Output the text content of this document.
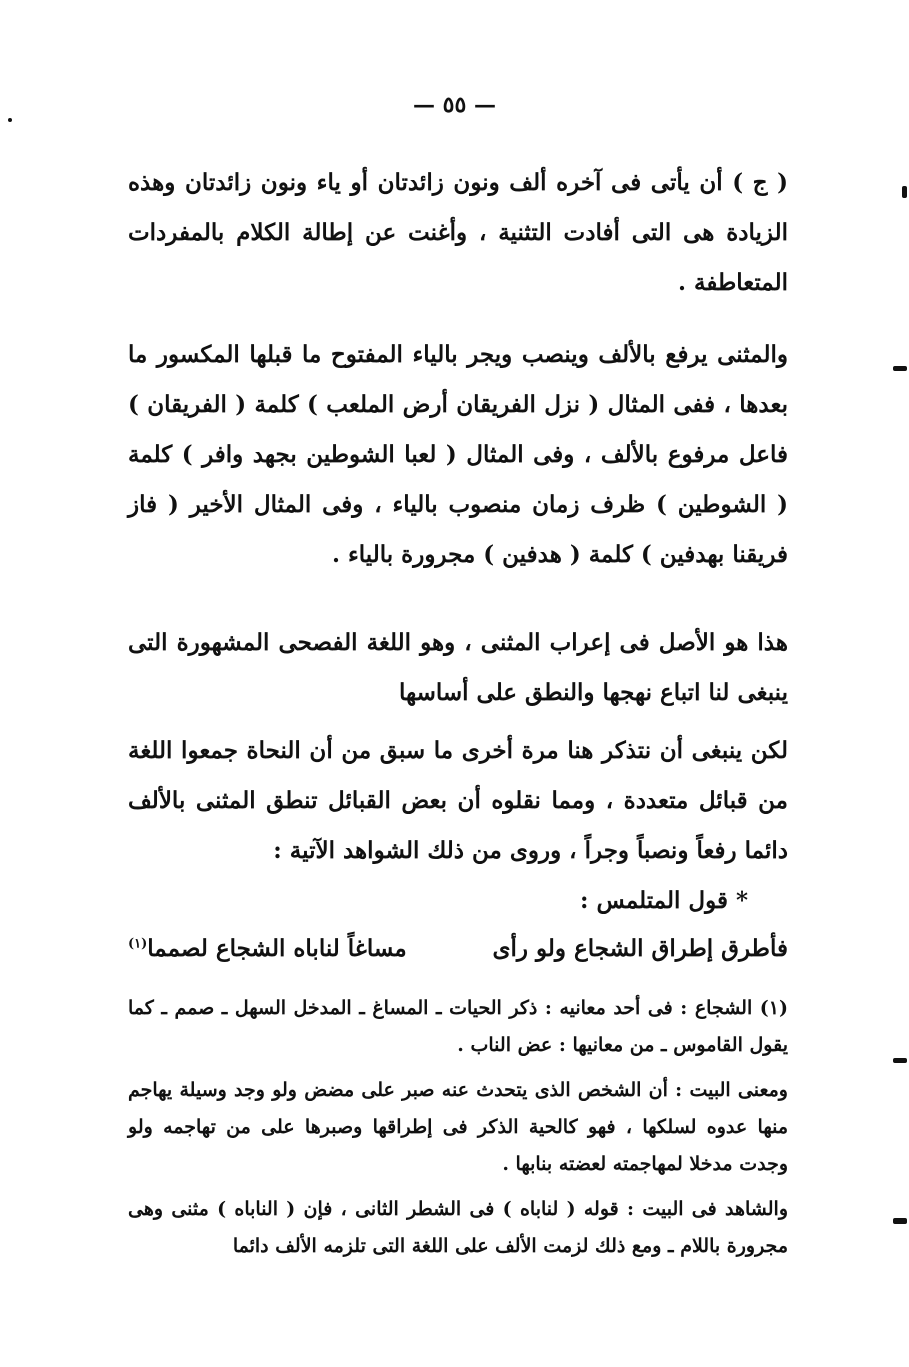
— ٥٥ —

( ج ) أن يأتى فى آخره ألف ونون زائدتان أو ياء ونون زائدتان وهذه الزيادة هى التى أفادت التثنية ، وأغنت عن إطالة الكلام بالمفردات المتعاطفة .

والمثنى يرفع بالألف وينصب ويجر بالياء المفتوح ما قبلها المكسور ما بعدها ، ففى المثال ( نزل الفريقان أرض الملعب ) كلمة ( الفريقان ) فاعل مرفوع بالألف ، وفى المثال ( لعبا الشوطين بجهد وافر ) كلمة ( الشوطين ) ظرف زمان منصوب بالياء ، وفى المثال الأخير ( فاز فريقنا بهدفين ) كلمة ( هدفين ) مجرورة بالياء .

هذا هو الأصل فى إعراب المثنى ، وهو اللغة الفصحى المشهورة التى ينبغى لنا اتباع نهجها والنطق على أساسها

لكن ينبغى أن نتذكر هنا مرة أخرى ما سبق من أن النحاة جمعوا اللغة من قبائل متعددة ، ومما نقلوه أن بعض القبائل تنطق المثنى بالألف دائما رفعاً ونصباً وجراً ، وروى من ذلك الشواهد الآتية :

* قول المتلمس :

فأطرق إطراق الشجاع ولو رأى
مساغاً لناباه الشجاع لصمما$^{(١)}$

(١) الشجاع : فى أحد معانيه : ذكر الحيات ـ المساغ ـ المدخل السهل ـ صمم ـ كما يقول القاموس ـ من معانيها : عض الناب .

ومعنى البيت : أن الشخص الذى يتحدث عنه صبر على مضض ولو وجد وسيلة يهاجم منها عدوه لسلكها ، فهو كالحية الذكر فى إطراقها وصبرها على من تهاجمه ولو وجدت مدخلا لمهاجمته لعضته بنابها .

والشاهد فى البيت : قوله ( لناباه ) فى الشطر الثانى ، فإن ( الناباه ) مثنى وهى مجرورة باللام ـ ومع ذلك لزمت الألف على اللغة التى تلزمه الألف دائما
